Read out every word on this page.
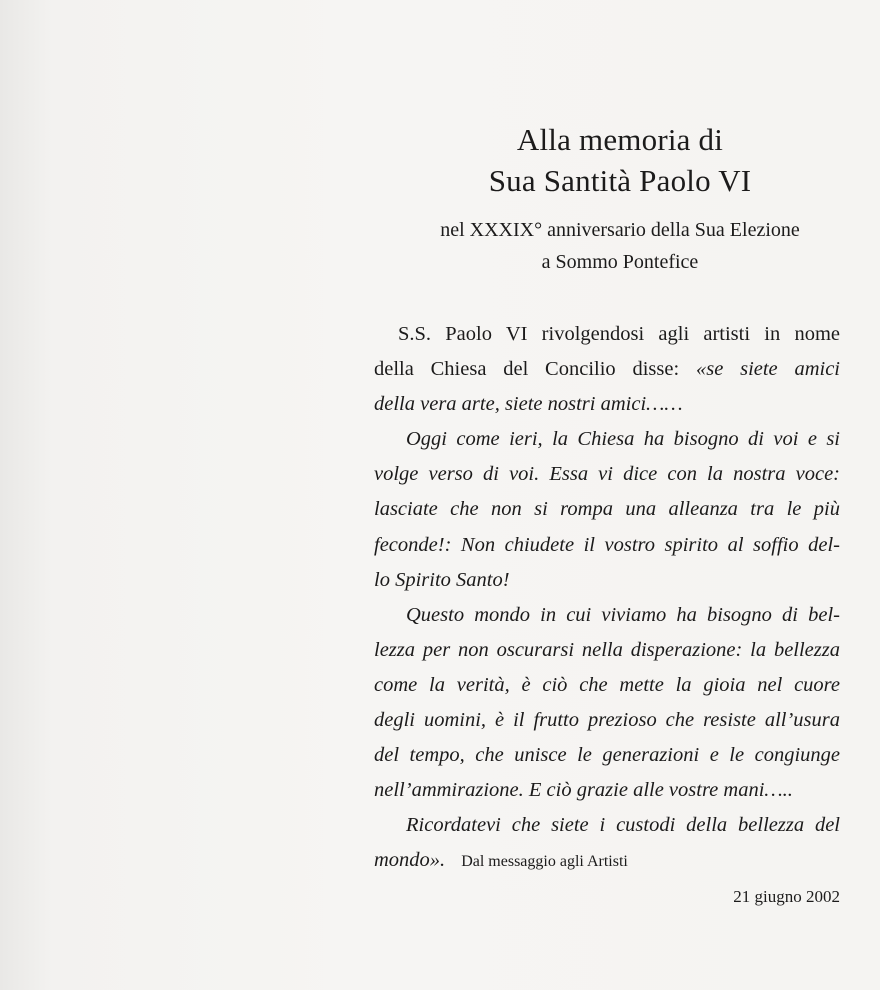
Alla memoria di
Sua Santità Paolo VI
nel XXXIX° anniversario della Sua Elezione
a Sommo Pontefice
S.S. Paolo VI rivolgendosi agli artisti in nome
della Chiesa del Concilio disse: «se siete amici
della vera arte, siete nostri amici……
Oggi come ieri, la Chiesa ha bisogno di voi e si
volge verso di voi. Essa vi dice con la nostra voce:
lasciate che non si rompa una alleanza tra le più
feconde!: Non chiudete il vostro spirito al soffio del-
lo Spirito Santo!
Questo mondo in cui viviamo ha bisogno di bel-
lezza per non oscurarsi nella disperazione: la bellezza
come la verità, è ciò che mette la gioia nel cuore
degli uomini, è il frutto prezioso che resiste all’usura
del tempo, che unisce le generazioni e le congiunge
nell’ammirazione. E ciò grazie alle vostre mani…..
Ricordatevi che siete i custodi della bellezza del
mondo». Dal messaggio agli Artisti
21 giugno 2002
